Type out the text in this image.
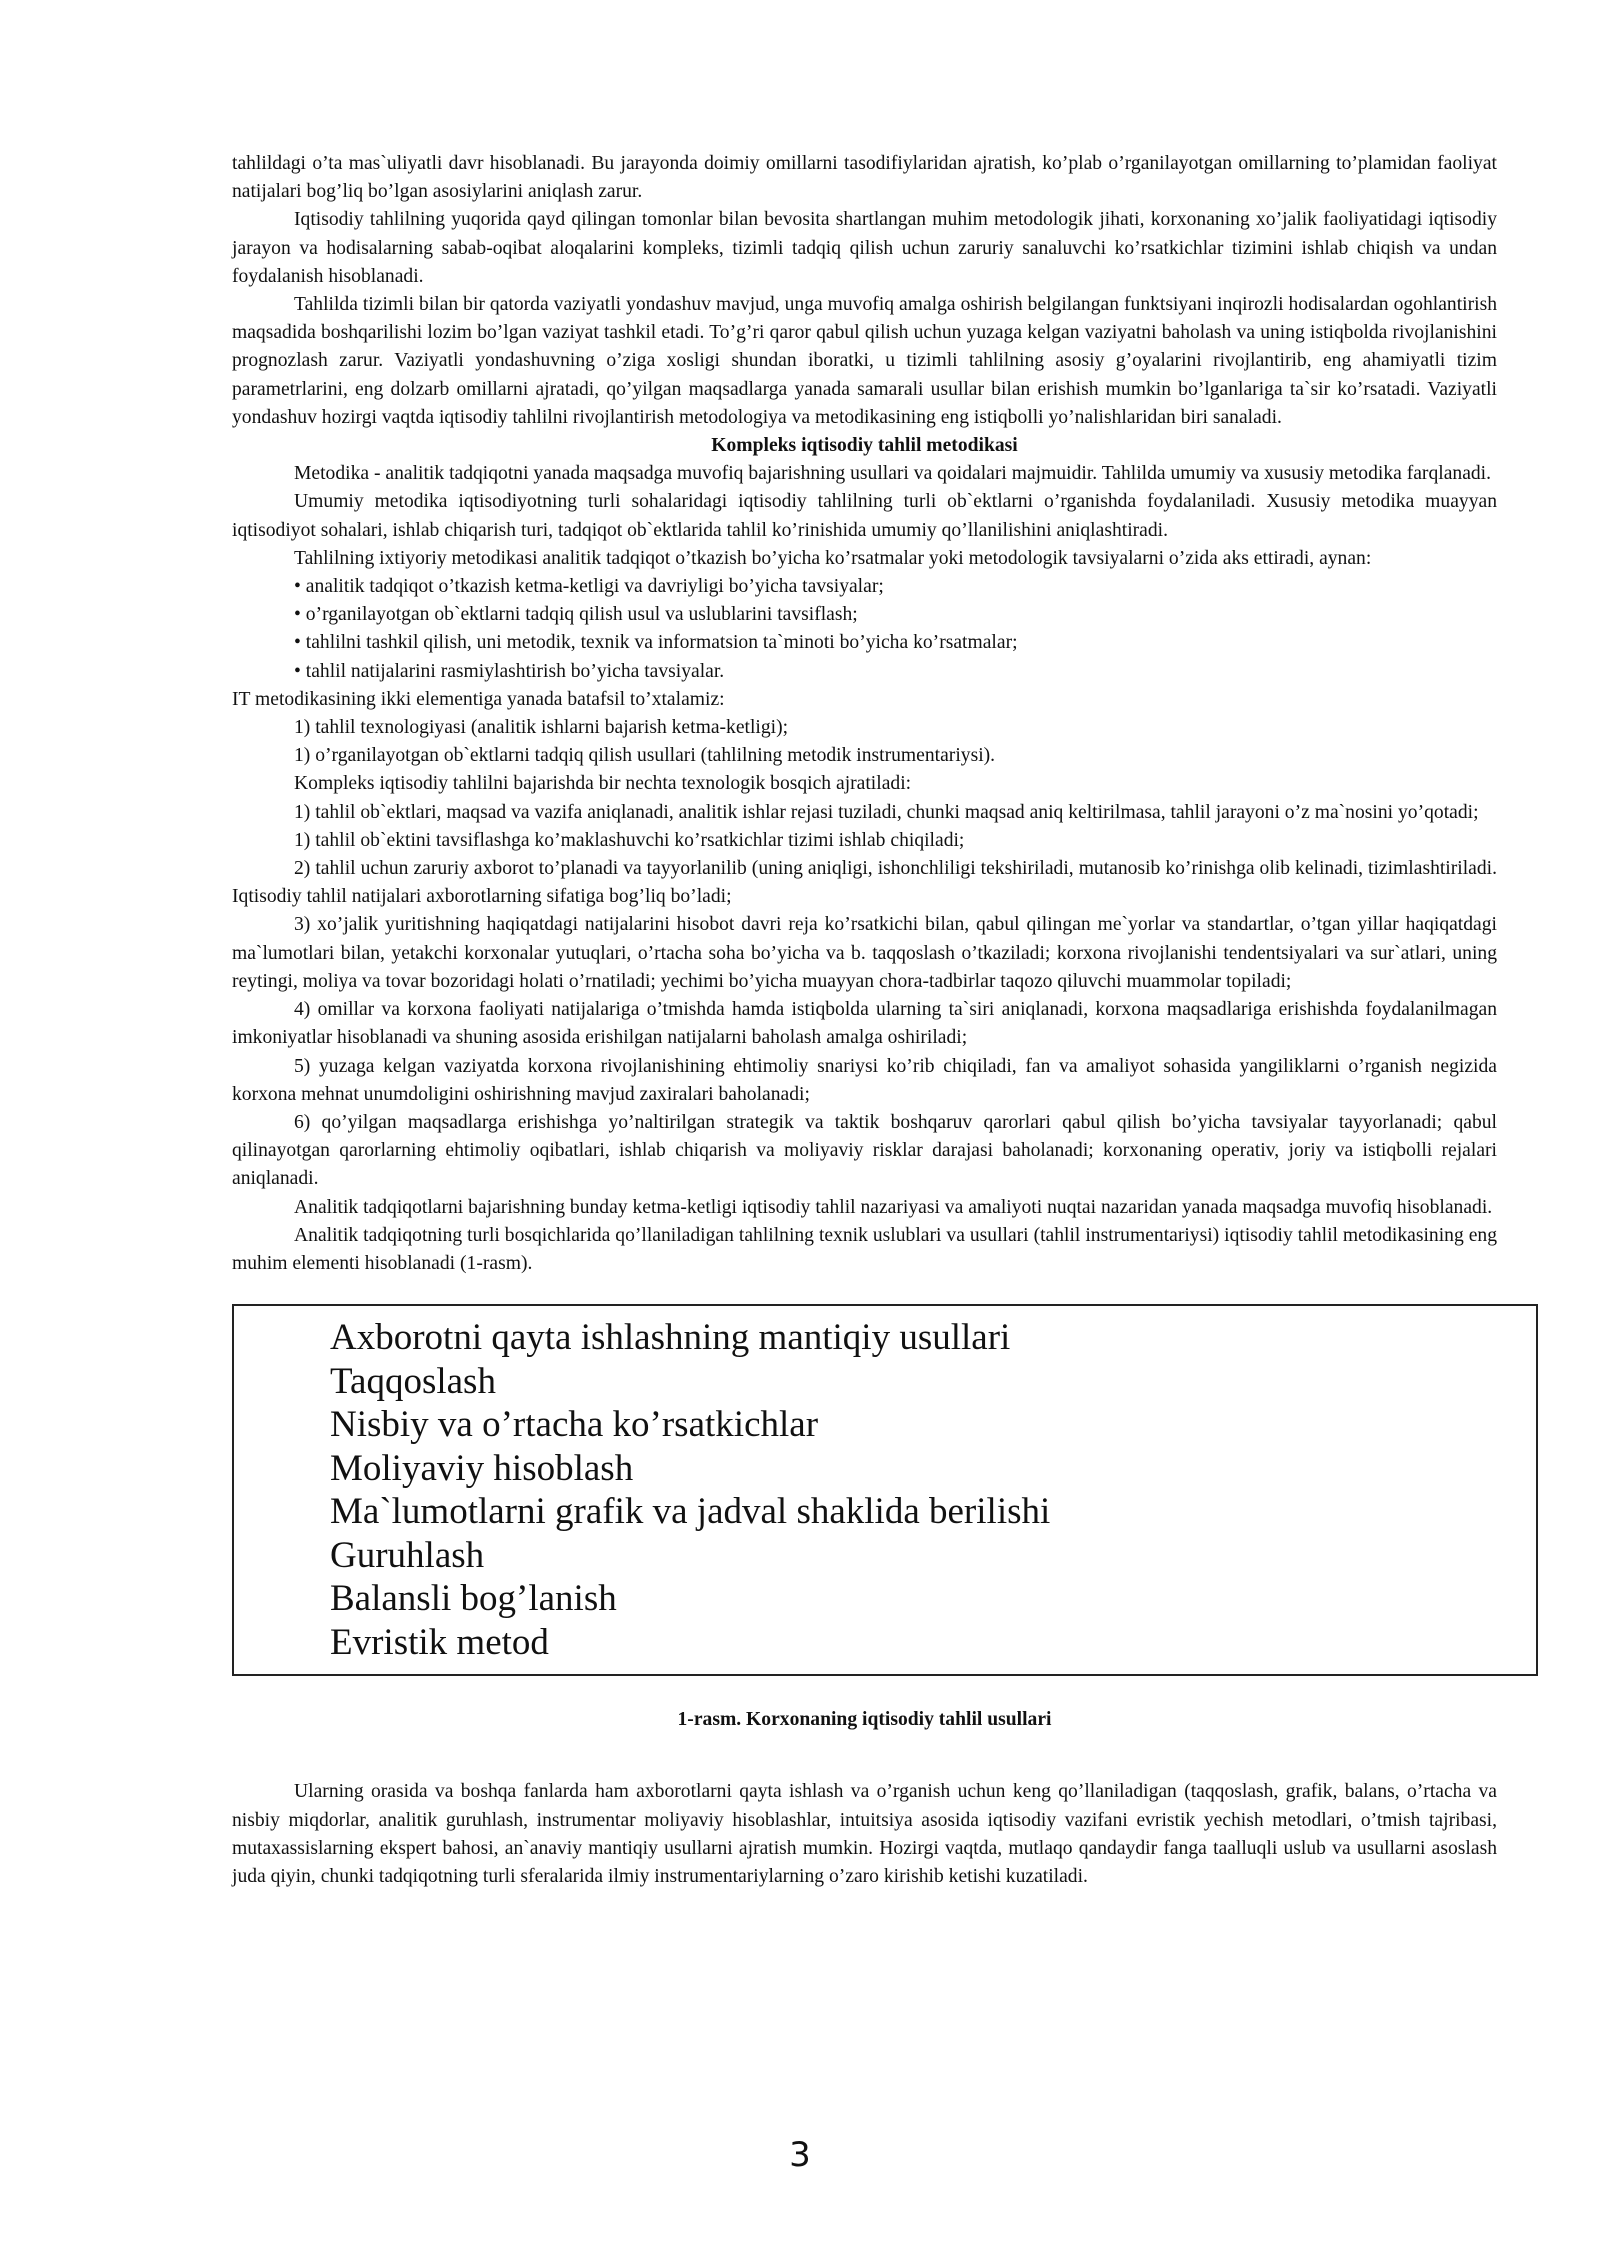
tahlildagi o’ta mas`uliyatli davr hisoblanadi. Bu jarayonda doimiy omillarni tasodifiylaridan ajratish, ko’plab o’rganilayotgan omillarning to’plamidan faoliyat natijalari bog’liq bo’lgan asosiylarini aniqlash zarur.

Iqtisodiy tahlilning yuqorida qayd qilingan tomonlar bilan bevosita shartlangan muhim metodologik jihati, korxonaning xo’jalik faoliyatidagi iqtisodiy jarayon va hodisalarning sabab-oqibat aloqalarini kompleks, tizimli tadqiq qilish uchun zaruriy sanaluvchi ko’rsatkichlar tizimini ishlab chiqish va undan foydalanish hisoblanadi.

Tahlilda tizimli bilan bir qatorda vaziyatli yondashuv mavjud, unga muvofiq amalga oshirish belgilangan funktsiyani inqirozli hodisalardan ogohlantirish maqsadida boshqarilishi lozim bo’lgan vaziyat tashkil etadi. To’g’ri qaror qabul qilish uchun yuzaga kelgan vaziyatni baholash va uning istiqbolda rivojlanishini prognozlash zarur. Vaziyatli yondashuvning o’ziga xosligi shundan iboratki, u tizimli tahlilning asosiy g’oyalarini rivojlantirib, eng ahamiyatli tizim parametrlarini, eng dolzarb omillarni ajratadi, qo’yilgan maqsadlarga yanada samarali usullar bilan erishish mumkin bo’lganlariga ta`sir ko’rsatadi. Vaziyatli yondashuv hozirgi vaqtda iqtisodiy tahlilni rivojlantirish metodologiya va metodikasining eng istiqbolli yo’nalishlaridan biri sanaladi.

Kompleks iqtisodiy tahlil metodikasi

Metodika - analitik tadqiqotni yanada maqsadga muvofiq bajarishning usullari va qoidalari majmuidir. Tahlilda umumiy va xususiy metodika farqlanadi.

Umumiy metodika iqtisodiyotning turli sohalaridagi iqtisodiy tahlilning turli ob`ektlarni o’rganishda foydalaniladi. Xususiy metodika muayyan iqtisodiyot sohalari, ishlab chiqarish turi, tadqiqot ob`ektlarida tahlil ko’rinishida umumiy qo’llanilishini aniqlashtiradi.

Tahlilning ixtiyoriy metodikasi analitik tadqiqot o’tkazish bo’yicha ko’rsatmalar yoki metodologik tavsiyalarni o’zida aks ettiradi, aynan:

• analitik tadqiqot o’tkazish ketma-ketligi va davriyligi bo’yicha tavsiyalar;

• o’rganilayotgan ob`ektlarni tadqiq qilish usul va uslublarini tavsiflash;

• tahlilni tashkil qilish, uni metodik, texnik va informatsion ta`minoti bo’yicha ko’rsatmalar;

• tahlil natijalarini rasmiylashtirish bo’yicha tavsiyalar.

IT metodikasining ikki elementiga yanada batafsil to’xtalamiz:

1) tahlil texnologiyasi (analitik ishlarni bajarish ketma-ketligi);

1) o’rganilayotgan ob`ektlarni tadqiq qilish usullari (tahlilning metodik instrumentariysi).

Kompleks iqtisodiy tahlilni bajarishda bir nechta texnologik bosqich ajratiladi:

1) tahlil ob`ektlari, maqsad va vazifa aniqlanadi, analitik ishlar rejasi tuziladi, chunki maqsad aniq keltirilmasa, tahlil jarayoni o’z ma`nosini yo’qotadi;

1) tahlil ob`ektini tavsiflashga ko’maklashuvchi ko’rsatkichlar tizimi ishlab chiqiladi;

2) tahlil uchun zaruriy axborot to’planadi va tayyorlanilib (uning aniqligi, ishonchliligi tekshiriladi, mutanosib ko’rinishga olib kelinadi, tizimlashtiriladi. Iqtisodiy tahlil natijalari axborotlarning sifatiga bog’liq bo’ladi;

3) xo’jalik yuritishning haqiqatdagi natijalarini hisobot davri reja ko’rsatkichi bilan, qabul qilingan me`yorlar va standartlar, o’tgan yillar haqiqatdagi ma`lumotlari bilan, yetakchi korxonalar yutuqlari, o’rtacha soha bo’yicha va b. taqqoslash o’tkaziladi; korxona rivojlanishi tendentsiyalari va sur`atlari, uning reytingi, moliya va tovar bozoridagi holati o’rnatiladi; yechimi bo’yicha muayyan chora-tadbirlar taqozo qiluvchi muammolar topiladi;

4) omillar va korxona faoliyati natijalariga o’tmishda hamda istiqbolda ularning ta`siri aniqlanadi, korxona maqsadlariga erishishda foydalanilmagan imkoniyatlar hisoblanadi va shuning asosida erishilgan natijalarni baholash amalga oshiriladi;

5) yuzaga kelgan vaziyatda korxona rivojlanishining ehtimoliy snariysi ko’rib chiqiladi, fan va amaliyot sohasida yangiliklarni o’rganish negizida korxona mehnat unumdoligini oshirishning mavjud zaxiralari baholanadi;

6) qo’yilgan maqsadlarga erishishga yo’naltirilgan strategik va taktik boshqaruv qarorlari qabul qilish bo’yicha tavsiyalar tayyorlanadi; qabul qilinayotgan qarorlarning ehtimoliy oqibatlari, ishlab chiqarish va moliyaviy risklar darajasi baholanadi; korxonaning operativ, joriy va istiqbolli rejalari aniqlanadi.

Analitik tadqiqotlarni bajarishning bunday ketma-ketligi iqtisodiy tahlil nazariyasi va amaliyoti nuqtai nazaridan yanada maqsadga muvofiq hisoblanadi.

Analitik tadqiqotning turli bosqichlarida qo’llaniladigan tahlilning texnik uslublari va usullari (tahlil instrumentariysi) iqtisodiy tahlil metodikasining eng muhim elementi hisoblanadi (1-rasm).

Axborotni qayta ishlashning mantiqiy usullari
Taqqoslash
Nisbiy va o’rtacha ko’rsatkichlar
Moliyaviy hisoblash
Ma`lumotlarni grafik va jadval shaklida berilishi
Guruhlash
Balansli bog’lanish
Evristik metod

1-rasm. Korxonaning iqtisodiy tahlil usullari

Ularning orasida va boshqa fanlarda ham axborotlarni qayta ishlash va o’rganish uchun keng qo’llaniladigan (taqqoslash, grafik, balans, o’rtacha va nisbiy miqdorlar, analitik guruhlash, instrumentar moliyaviy hisoblashlar, intuitsiya asosida iqtisodiy vazifani evristik yechish metodlari, o’tmish tajribasi, mutaxassislarning ekspert bahosi, an`anaviy mantiqiy usullarni ajratish mumkin. Hozirgi vaqtda, mutlaqo qandaydir fanga taalluqli uslub va usullarni asoslash juda qiyin, chunki tadqiqotning turli sferalarida ilmiy instrumentariylarning o’zaro kirishib ketishi kuzatiladi.

3
